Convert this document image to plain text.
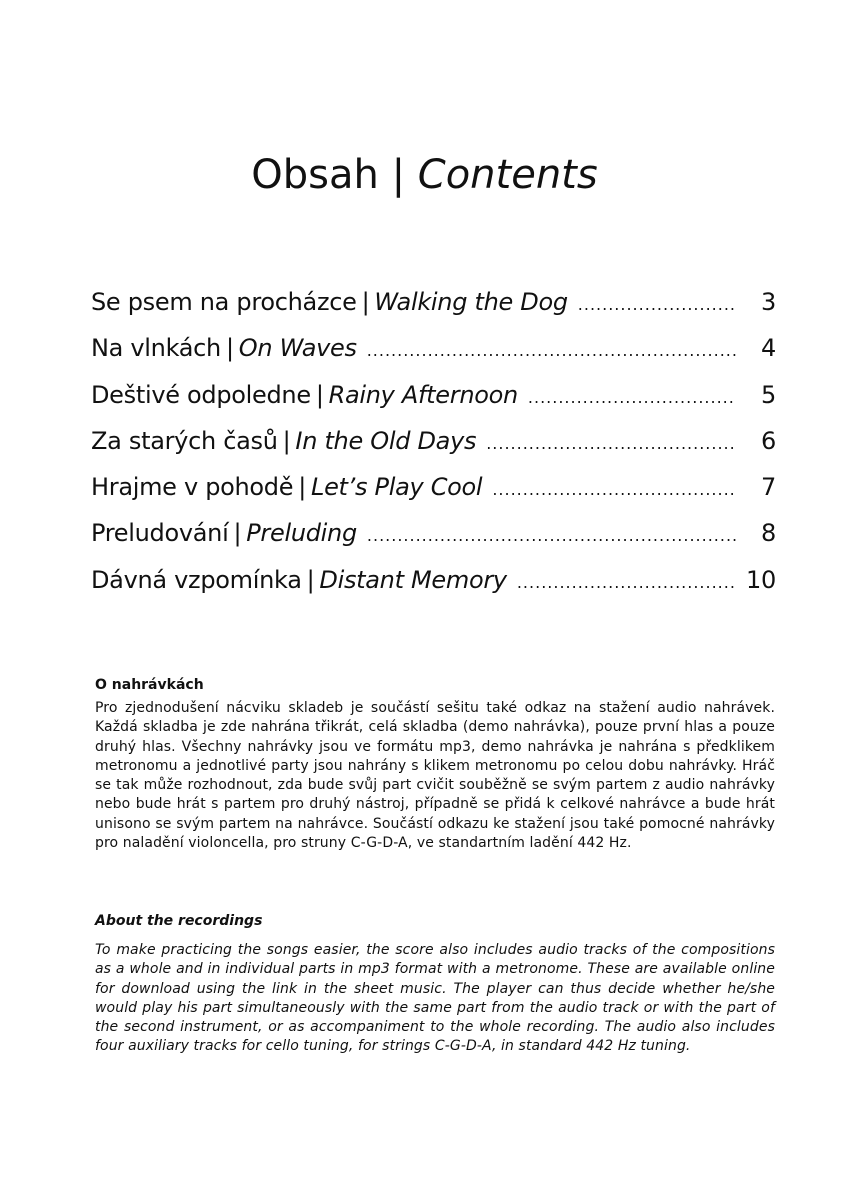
Obsah | Contents
Se psem na procházce | Walking the Dog .....	3
Na vlnkách | On Waves .....	4
Deštivé odpoledne | Rainy Afternoon .....	5
Za starých časů | In the Old Days .....	6
Hrajme v pohodě | Let’s Play Cool .....	7
Preludování | Preluding .....	8
Dávná vzpomínka | Distant Memory .....	10
O nahrávkách

Pro zjednodušení nácviku skladeb je součástí sešitu také odkaz na stažení audio nahrávek. Každá skladba je zde nahrána třikrát, celá skladba (demo nahrávka), pouze první hlas a pouze druhý hlas. Všechny nahrávky jsou ve formátu mp3, demo nahrávka je nahrána s předklikem metronomu a jednotlivé party jsou nahrány s klikem metronomu po celou dobu nahrávky. Hráč se tak může rozhodnout, zda bude svůj part cvičit souběžně se svým partem z audio nahrávky nebo bude hrát s partem pro druhý nástroj, případně se přidá k celkové nahrávce a bude hrát unisono se svým partem na nahrávce. Součástí odkazu ke stažení jsou také pomocné nahrávky pro naladění violoncella, pro struny C-G-D-A, ve standartním ladění 442 Hz.

About the recordings

To make practicing the songs easier, the score also includes audio tracks of the compositions as a whole and in individual parts in mp3 format with a metronome. These are available online for download using the link in the sheet music. The player can thus decide whether he/she would play his part simultaneously with the same part from the audio track or with the part of the second instrument, or as accompaniment to the whole recording. The audio also includes four auxiliary tracks for cello tuning, for strings C-G-D-A, in standard 442 Hz tuning.
